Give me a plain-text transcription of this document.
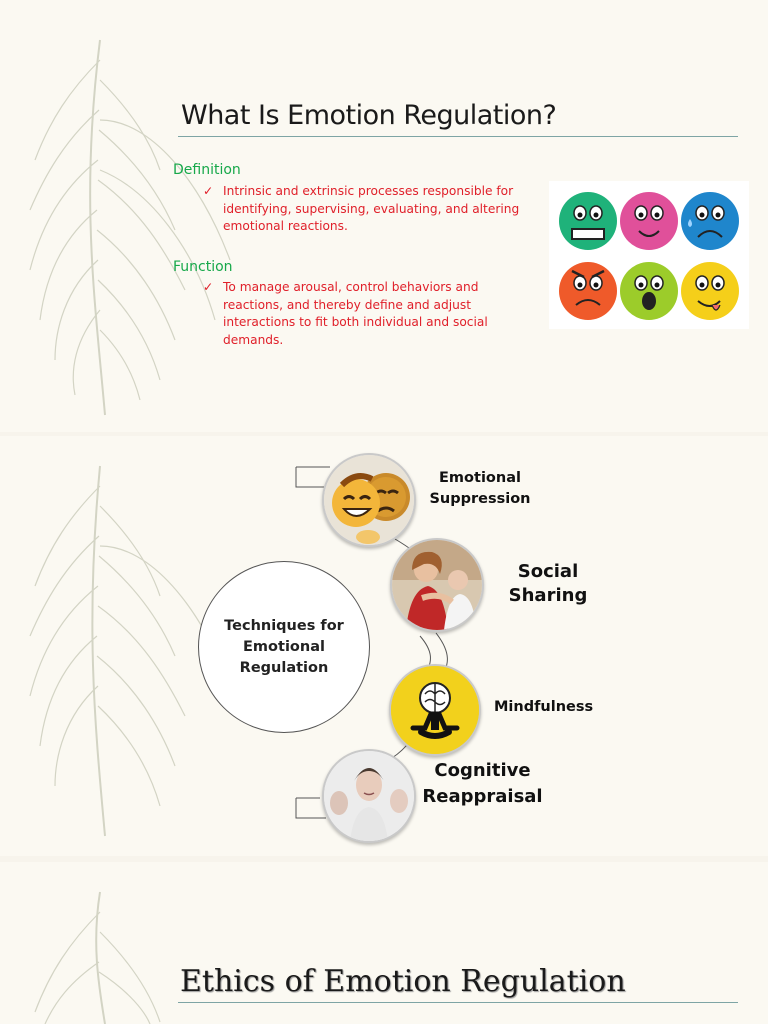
What Is Emotion Regulation?
Definition
✓ Intrinsic and extrinsic processes responsible for identifying, supervising, evaluating, and altering emotional reactions.
Function
✓ To manage arousal, control behaviors and reactions, and thereby define and adjust interactions to fit both individual and social demands.
Techniques for Emotional Regulation
Emotional Suppression
Social Sharing
Mindfulness
Cognitive Reappraisal
Ethics of Emotion Regulation
